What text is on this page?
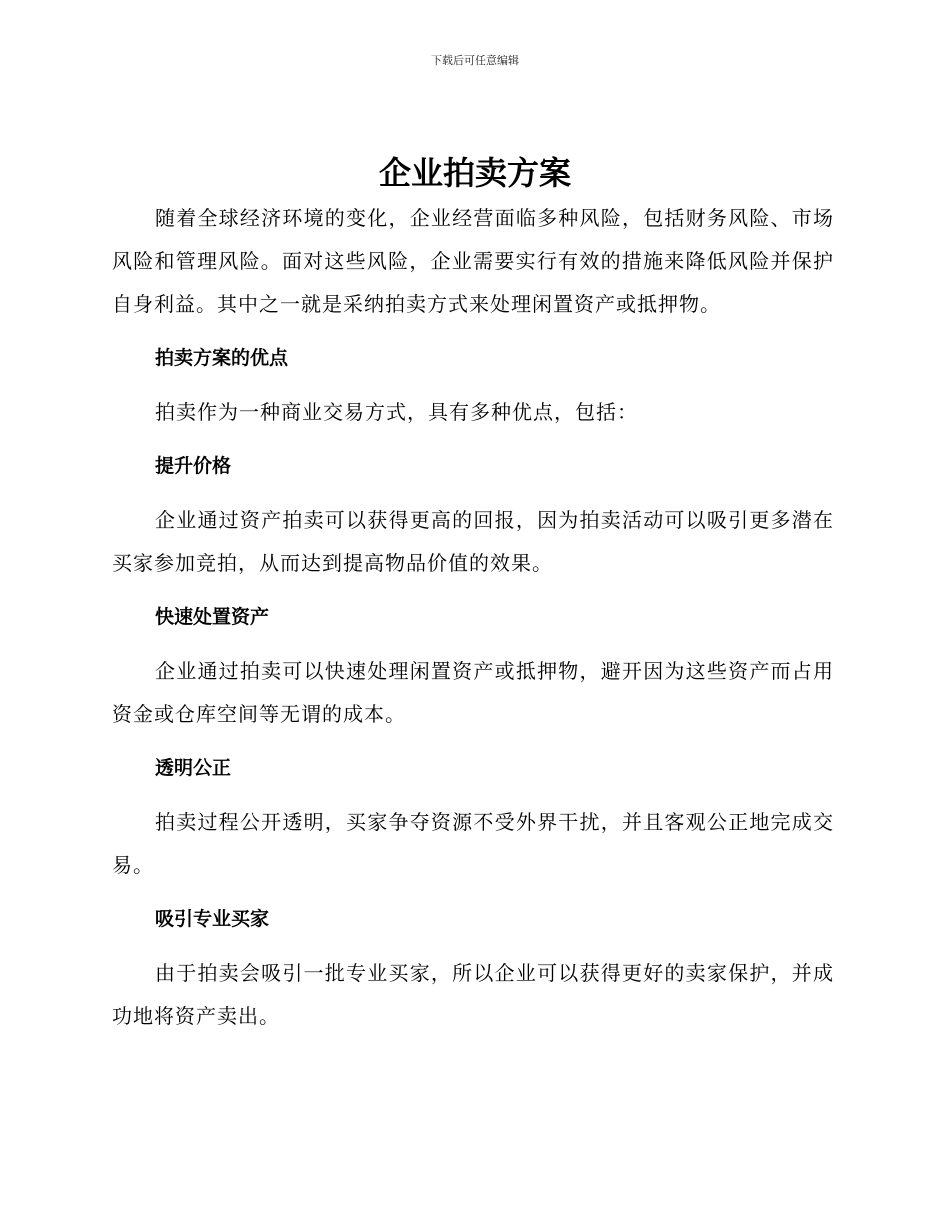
下载后可任意编辑
企业拍卖方案

随着全球经济环境的变化，企业经营面临多种风险，包括财务风险、市场风险和管理风险。面对这些风险，企业需要实行有效的措施来降低风险并保护自身利益。其中之一就是采纳拍卖方式来处理闲置资产或抵押物。

拍卖方案的优点

拍卖作为一种商业交易方式，具有多种优点，包括：

提升价格

企业通过资产拍卖可以获得更高的回报，因为拍卖活动可以吸引更多潜在买家参加竞拍，从而达到提高物品价值的效果。

快速处置资产

企业通过拍卖可以快速处理闲置资产或抵押物，避开因为这些资产而占用资金或仓库空间等无谓的成本。

透明公正

拍卖过程公开透明，买家争夺资源不受外界干扰，并且客观公正地完成交易。

吸引专业买家

由于拍卖会吸引一批专业买家，所以企业可以获得更好的卖家保护，并成功地将资产卖出。
